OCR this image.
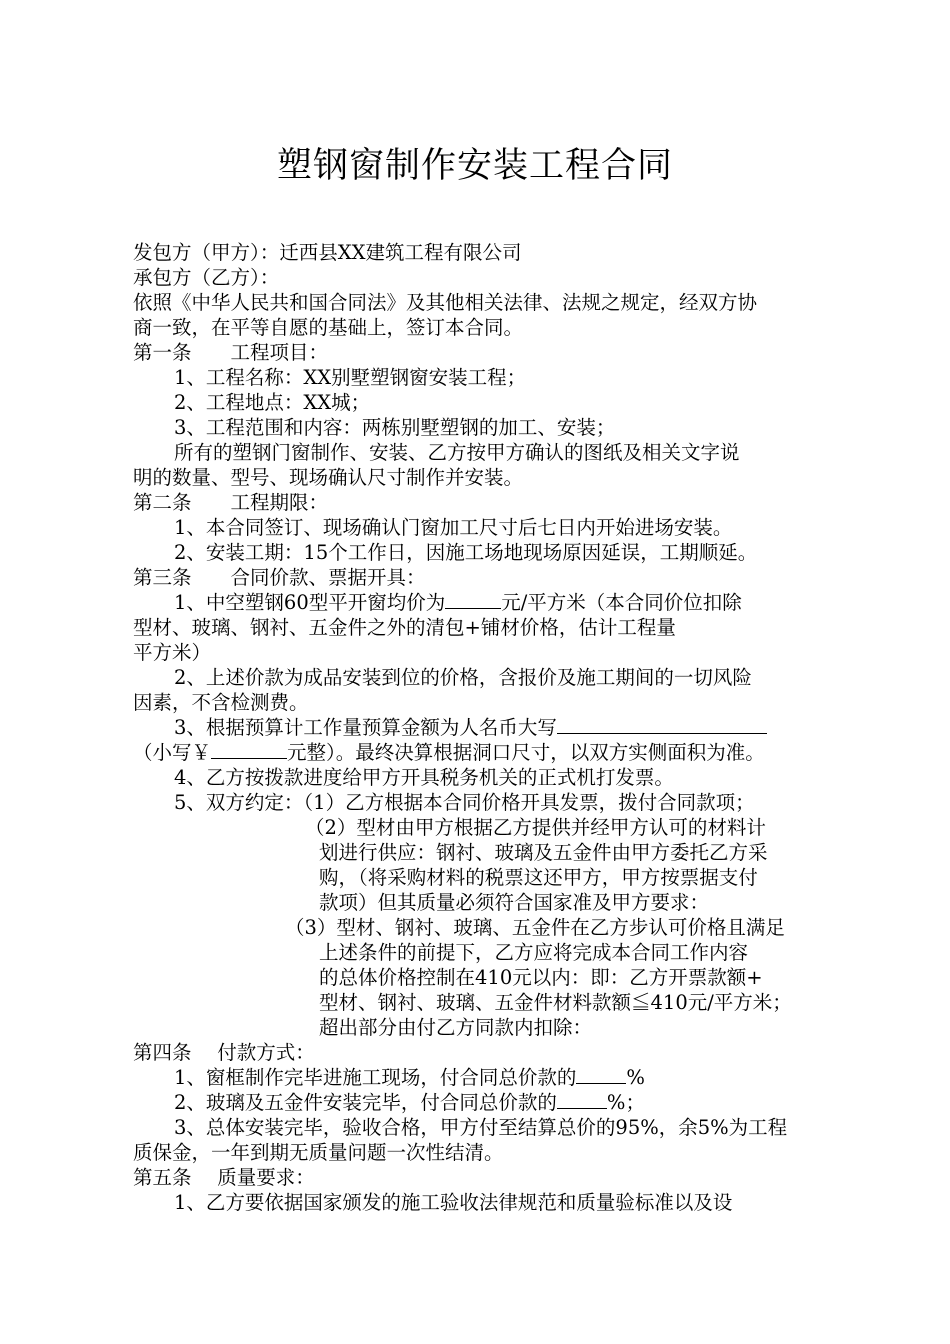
塑钢窗制作安装工程合同

发包方（甲方）：迁西县XX建筑工程有限公司

承包方（乙方）：

依照《中华人民共和国合同法》及其他相关法律、法规之规定，经双方协

商一致，在平等自愿的基础上，签订本合同。

第一条　　工程项目：

1、工程名称：XX别墅塑钢窗安装工程；

2、工程地点：XX城；

3、工程范围和内容：两栋别墅塑钢的加工、安装；

所有的塑钢门窗制作、安装、乙方按甲方确认的图纸及相关文字说

明的数量、型号、现场确认尺寸制作并安装。

第二条　　工程期限：

1、本合同签订、现场确认门窗加工尺寸后七日内开始进场安装。

2、安装工期：15个工作日，因施工场地现场原因延误，工期顺延。

第三条　　合同价款、票据开具：

1、中空塑钢60型平开窗均价为	元/平方米（本合同价位扣除

型材、玻璃、钢衬、五金件之外的清包+铺材价格，估计工程量

平方米）

2、上述价款为成品安装到位的价格，含报价及施工期间的一切风险

因素，不含检测费。

3、根据预算计工作量预算金额为人名币大写

（小写￥	元整）。最终决算根据洞口尺寸，以双方实侧面积为准。

4、乙方按拨款进度给甲方开具税务机关的正式机打发票。

5、双方约定：（1）乙方根据本合同价格开具发票，拨付合同款项；

（2）型材由甲方根据乙方提供并经甲方认可的材料计

划进行供应：钢衬、玻璃及五金件由甲方委托乙方采

购，（将采购材料的税票这还甲方，甲方按票据支付

款项）但其质量必须符合国家准及甲方要求：

（3）型材、钢衬、玻璃、五金件在乙方步认可价格且满足

上述条件的前提下，乙方应将完成本合同工作内容

的总体价格控制在410元以内：即：乙方开票款额+

型材、钢衬、玻璃、五金件材料款额≦410元/平方米；

超出部分由付乙方同款内扣除：

第四条　 付款方式：

1、窗框制作完毕进施工现场，付合同总价款的	%

2、玻璃及五金件安装完毕，付合同总价款的	%；

3、总体安装完毕，验收合格，甲方付至结算总价的95%，余5%为工程

质保金，一年到期无质量问题一次性结清。

第五条　 质量要求：

1、乙方要依据国家颁发的施工验收法律规范和质量验标准以及设
